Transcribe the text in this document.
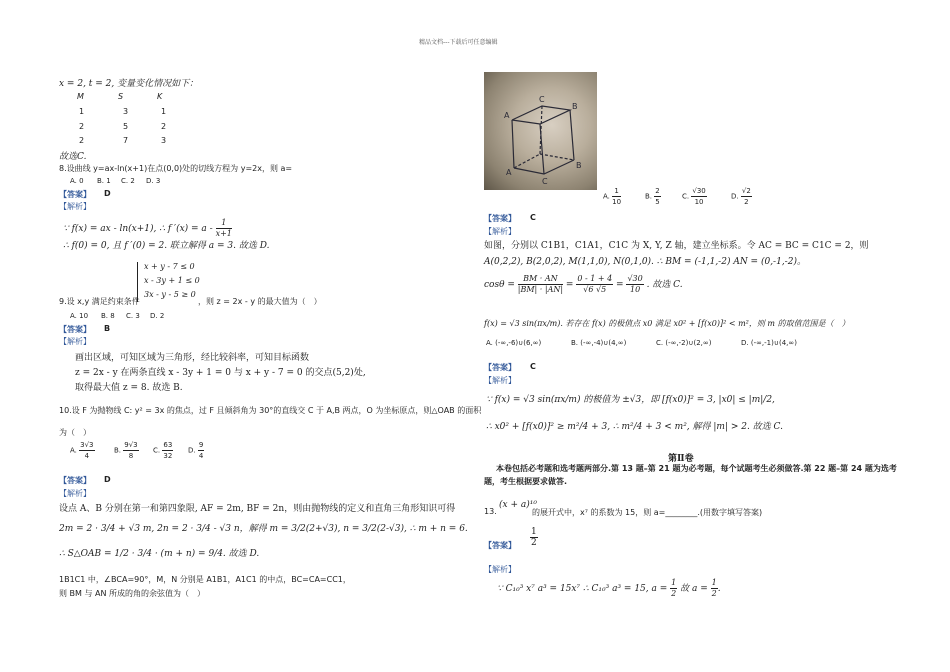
精品文档---下载后可任意编辑
x = 2, t = 2, 变量变化情况如下：
M	S	K
1	3	1
2	5	2
2	7	3
故选C.
8.设曲线 y=ax-ln(x+1)在点(0,0)处的切线方程为 y=2x，则 a=
A. 0 B. 1 C. 2 D. 3
【答案】 D
【解析】
∵ f(x) = ax - ln(x+1), ∴ f $'(x) = a - \frac{1}{x+1}$
∴ f(0) = 0, 且 f ′(0) = 2. 联立解得 a = 3. 故选 D.
x + y - 7 ≤ 0
x - 3y + 1 ≤ 0
3x - y - 5 ≥ 0
9.设 x,y 满足约束条件	，则 z = 2x - y 的最大值为（　）
A. 10 B. 8 C. 3 D. 2
【答案】 B
【解析】
画出区域，可知区域为三角形，经比较斜率，可知目标函数
z = 2x - y 在两条直线 x - 3y + 1 = 0 与 x + y - 7 = 0 的交点(5,2)处,
取得最大值 z = 8. 故选 B.
10.设 F 为抛物线 C: y² = 3x 的焦点，过 F 且倾斜角为 30°的直线交 C 于 A,B 两点，O 为坐标原点，则△OAB 的面积
为（　）
A. $\frac{3√3}{4}$	B. $\frac{9√3}{8} C$. $\frac{63}{32} D$. $\frac{9}{4}$
【答案】 D
【解析】
设点 A、B 分别在第一和第四象限, AF = 2m, BF = 2n，则由抛物线的定义和直角三角形知识可得
2m = 2 · 3/4 + √3 m, 2n = 2 · 3/4 - √3 n，解得 m = 3/2(2+√3), n = 3/2(2-√3), ∴ m + n = 6.
∴ S△OAB = 1/2 · 3/4 · (m + n) = 9/4. 故选 D.
1B1C1 中，∠BCA=90°，M，N 分别是 A1B1，A1C1 的中点，BC=CA=CC1，
则 BM 与 AN 所成的角的余弦值为（　）
A
B
C
A
B
C
A. $\frac{1}{10}$	B. $\frac{2}{5}$	C. $\frac{√30}{10}$	D. $\frac{√2}{2}$
【答案】 C
【解析】
如图，分别以 C1B1，C1A1，C1C 为 X, Y, Z 轴，建立坐标系。令 AC = BC = C1C = 2，则
A(0,2,2), B(2,0,2), M(1,1,0), N(0,1,0). ∴ BM = (-1,1,-2) AN = (0,-1,-2)。
$\cos\theta = \frac{BM \cdot AN}{|BM| \cdot |AN|} = \frac{0 - 1 + 4}{√6 √5} = \frac{√30}{10}$ . 故选 C.
f(x) = √3 sin(πx/m). 若存在 f(x) 的极值点 x0 满足 x0² + [f(x0)]² < m²，则 m 的取值范围是（　）
A. (-∞,-6)∪(6,∞)	B. (-∞,-4)∪(4,∞)	C. (-∞,-2)∪(2,∞)	D. (-∞,-1)∪(4,∞)
【答案】 C
【解析】
∵ f(x) = √3 sin(πx/m) 的极值为 ±√3，即 [f(x0)]² = 3, |x0| ≤ |m|/2,
∴ x0² + [f(x0)]² ≥ m²/4 + 3, ∴ m²/4 + 3 < m², 解得 |m| > 2. 故选 C.
第Ⅱ卷
本卷包括必考题和选考题两部分.第 13 题–第 21 题为必考题，每个试题考生必须做答.第 22 题–第 24 题为选考
题，考生根据要求做答.
13.
(x + a)¹⁰
的展开式中，x⁷ 的系数为 15，则 a=________.(用数字填写答案)
【答案】 $\frac{1}{2}$
【解析】
∵ C₁₀³ x⁷ a³ = 15x⁷ ∴ C₁₀³ a³ = 15, $a = \frac{1}{2}$ 故 $a = \frac{1}{2}$ .
